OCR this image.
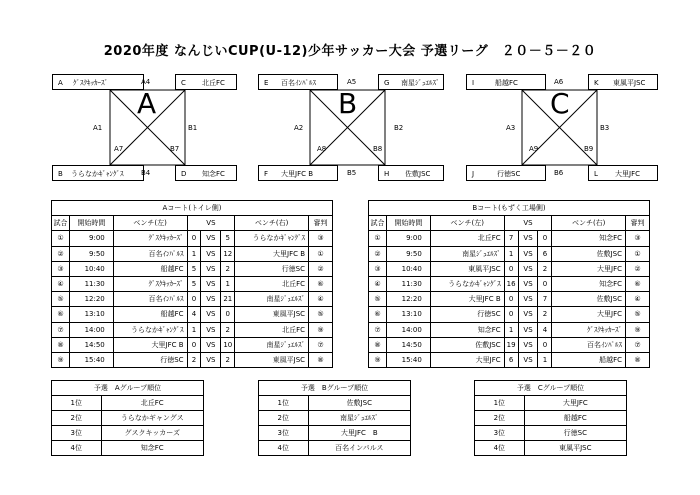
2020年度 なんじいCUP(U-12)少年サッカー大会 予選リーグ　２０－５－２０
A ｸﾞｽｸｷｯｶｰｽﾞ	A4	C 北丘FC
B うらなかｷﾞｬﾝｸﾞｽ	B4	D 知念FC
A1	B1
A7	B7
A
E 百名ｲﾝﾊﾟﾙｽ	A5	G 南星ｼﾞｭｴﾙｽﾞ
F 大里JFC B	B5	H 佐敷JSC
A2	B2
A8	B8
B
I	船越FC	A6	K 東風平JSC
J	行徳SC	B6	L 大里JFC
A3	B3
A9	B9
C
Aコート(トイレ側)							
試合	開始時間	ベンチ(左)	VS			ベンチ(右)	審判
①	9:00	ｸﾞｽｸｷｯｶｰｽﾞ	0	VS	5	うらなかｷﾞｬﾝｸﾞｽ	③
②	9:50	百名ｲﾝﾊﾟﾙｽ	1	VS	12	大里JFC B	①
③	10:40	船越FC	5	VS	2	行徳SC	②
④	11:30	ｸﾞｽｸｷｯｶｰｽﾞ	5	VS	1	北丘FC	⑥
⑤	12:20	百名ｲﾝﾊﾟﾙｽ	0	VS	21	南星ｼﾞｭｴﾙｽﾞ	④
⑥	13:10	船越FC	4	VS	0	東風平JSC	⑤
⑦	14:00	うらなかｷﾞｬﾝｸﾞｽ	1	VS	2	北丘FC	⑨
⑧	14:50	大里JFC B	0	VS	10	南星ｼﾞｭｴﾙｽﾞ	⑦
⑨	15:40	行徳SC	2	VS	2	東風平JSC	⑧
Bコート(もずく工場側)							
試合	開始時間	ベンチ(左)	VS			ベンチ(右)	審判
①	9:00	北丘FC	7	VS	0	知念FC	③
②	9:50	南星ｼﾞｭｴﾙｽﾞ	1	VS	6	佐敷JSC	①
③	10:40	東風平JSC	0	VS	2	大里JFC	②
④	11:30	うらなかｷﾞｬﾝｸﾞｽ	16	VS	0	知念FC	⑥
⑤	12:20	大里JFC B	0	VS	7	佐敷JSC	④
⑥	13:10	行徳SC	0	VS	2	大里JFC	⑤
⑦	14:00	知念FC	1	VS	4	ｸﾞｽｸｷｯｶｰｽﾞ	⑨
⑧	14:50	佐敷JSC	19	VS	0	百名ｲﾝﾊﾟﾙｽ	⑦
⑨	15:40	大里JFC	6	VS	1	船越FC	⑧
予選　Aグループ順位	
1位	北丘FC
2位	うらなかギャングス
3位	グスクキッカーズ
4位	知念FC
予選　Bグループ順位	
1位	佐敷JSC
2位	南星ｼﾞｭｴﾙｽﾞ
3位	大里JFC　B
4位	百名インパルス
予選　Cグループ順位	
1位	大里JFC
2位	船越FC
3位	行徳SC
4位	東風平JSC
